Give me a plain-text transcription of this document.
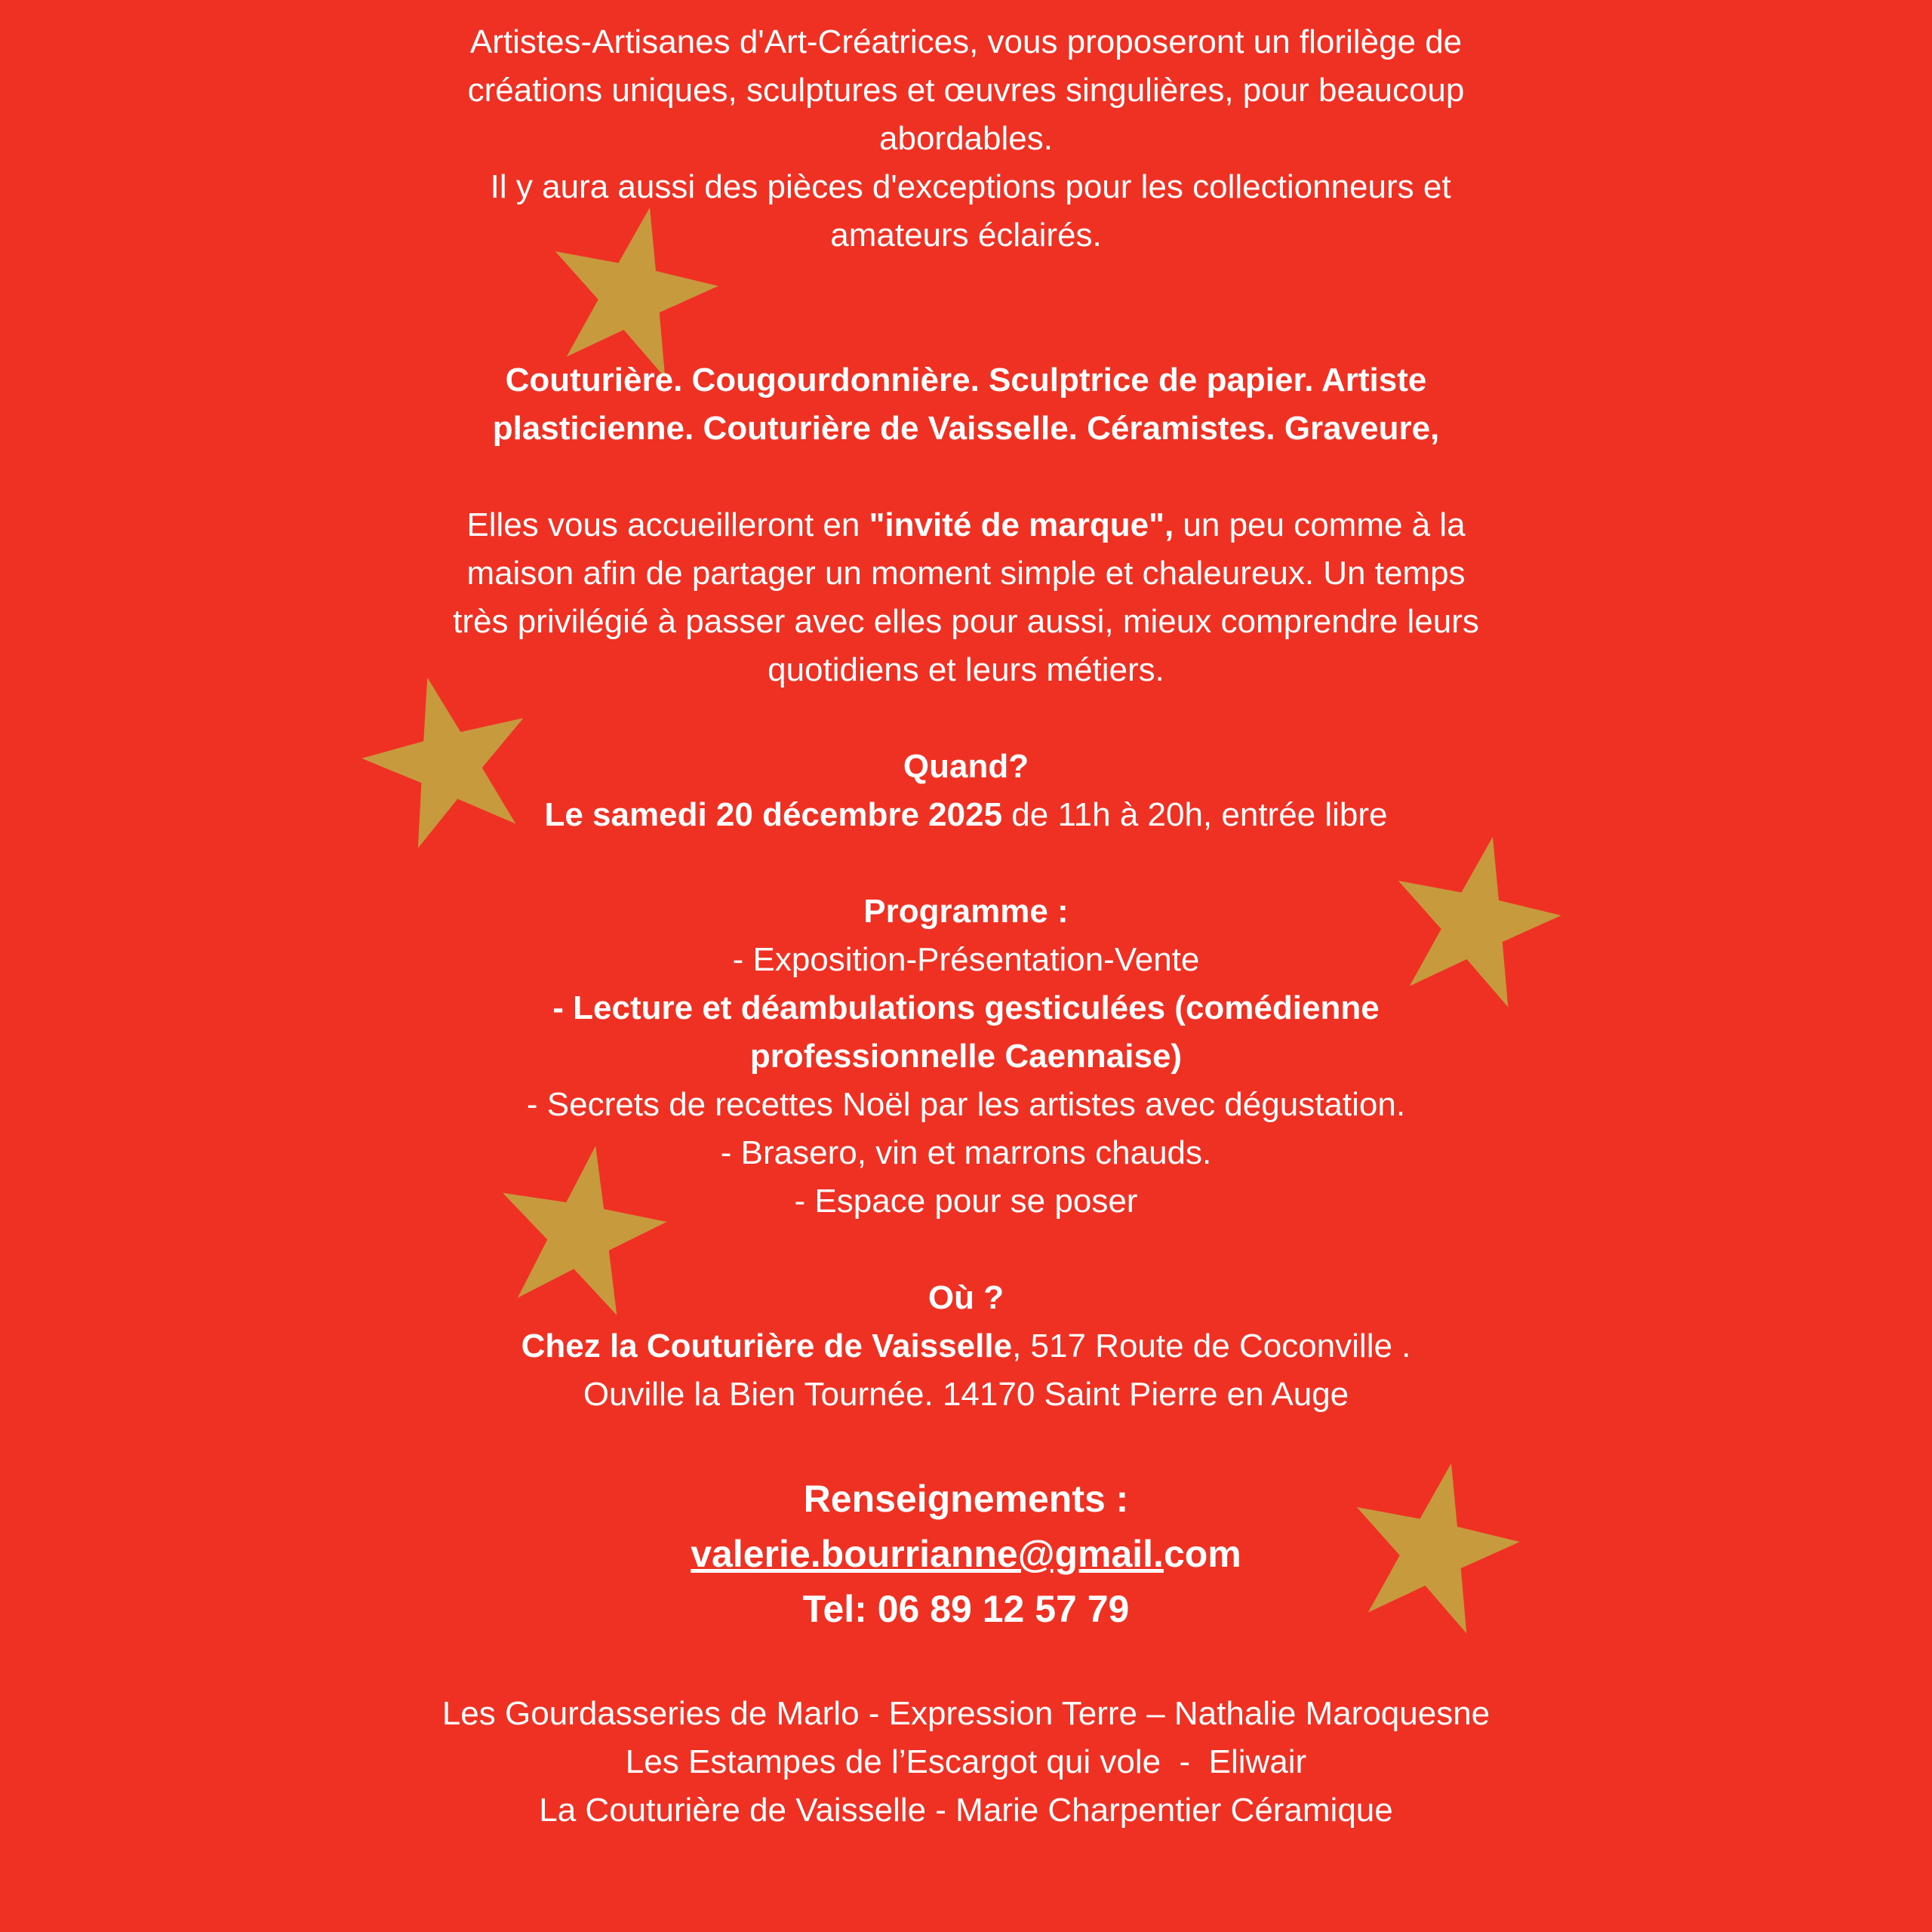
Artistes-Artisanes d'Art-Créatrices, vous proposeront un florilège de

créations uniques, sculptures et œuvres singulières, pour beaucoup

abordables.

Il y aura aussi des pièces d'exceptions pour les collectionneurs et

amateurs éclairés.

Couturière. Cougourdonnière. Sculptrice de papier. Artiste

plasticienne. Couturière de Vaisselle. Céramistes. Graveure,

Elles vous accueilleront en "invité de marque", un peu comme à la

maison afin de partager un moment simple et chaleureux. Un temps

très privilégié à passer avec elles pour aussi, mieux comprendre leurs

quotidiens et leurs métiers.

Quand?

Le samedi 20 décembre 2025 de 11h à 20h, entrée libre

Programme :

- Exposition-Présentation-Vente

- Lecture et déambulations gesticulées (comédienne

professionnelle Caennaise)

- Secrets de recettes Noël par les artistes avec dégustation.

- Brasero, vin et marrons chauds.

- Espace pour se poser

Où ?

Chez la Couturière de Vaisselle, 517 Route de Coconville .

Ouville la Bien Tournée. 14170 Saint Pierre en Auge

Renseignements :

valerie.bourrianne@gmail.com

Tel: 06 89 12 57 79

Les Gourdasseries de Marlo - Expression Terre – Nathalie Maroquesne

Les Estampes de l’Escargot qui vole  -  Eliwair

La Couturière de Vaisselle - Marie Charpentier Céramique
